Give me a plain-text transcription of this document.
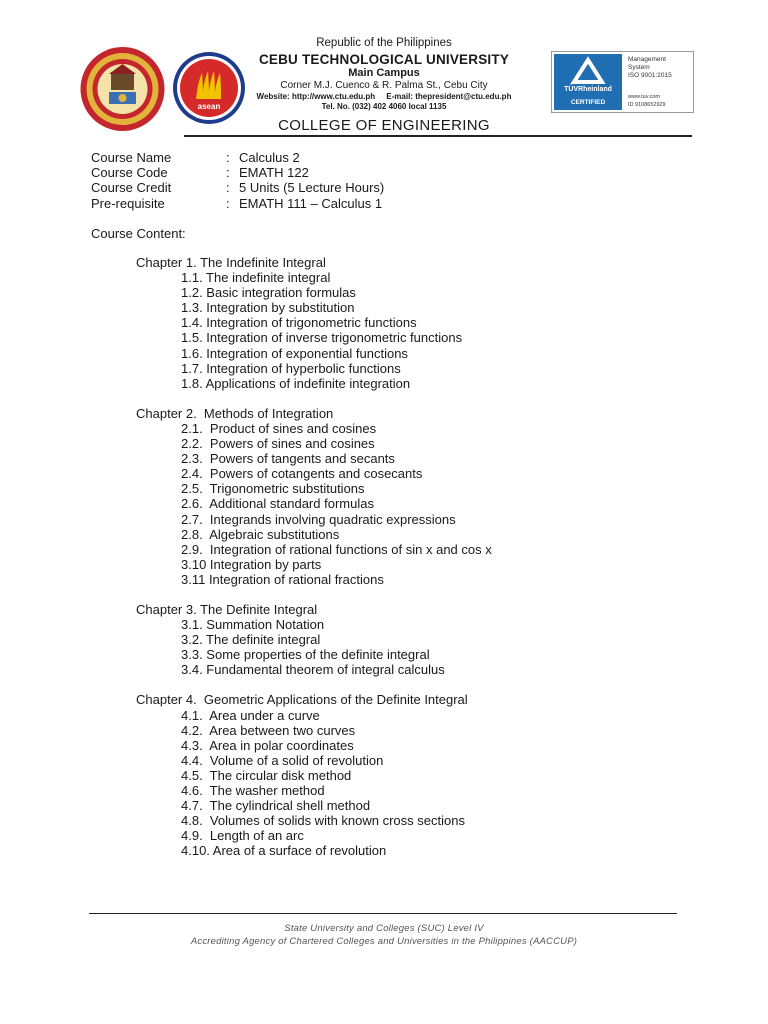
asean
Republic of the Philippines
CEBU TECHNOLOGICAL UNIVERSITY
Main Campus
Corner M.J. Cuenco & R. Palma St., Cebu City
Website: http://www.ctu.edu.ph     E-mail: thepresident@ctu.edu.ph
Tel. No. (032) 402 4060 local 1135
TÜVRheinland
CERTIFIED
Management
System
ISO 9001:2015
www.tuv.com
ID 9108652929
COLLEGE OF ENGINEERING
Course Name	: Calculus 2
Course Code	: EMATH 122
Course Credit	: 5 Units (5 Lecture Hours)
Pre-requisite	: EMATH 111 – Calculus 1
Course Content:
Chapter 1. The Indefinite Integral
1.1. The indefinite integral
1.2. Basic integration formulas
1.3. Integration by substitution
1.4. Integration of trigonometric functions
1.5. Integration of inverse trigonometric functions
1.6. Integration of exponential functions
1.7. Integration of hyperbolic functions
1.8. Applications of indefinite integration
Chapter 2.  Methods of Integration
2.1.  Product of sines and cosines
2.2.  Powers of sines and cosines
2.3.  Powers of tangents and secants
2.4.  Powers of cotangents and cosecants
2.5.  Trigonometric substitutions
2.6.  Additional standard formulas
2.7.  Integrands involving quadratic expressions
2.8.  Algebraic substitutions
2.9.  Integration of rational functions of sin x and cos x
3.10 Integration by parts
3.11 Integration of rational fractions
Chapter 3. The Definite Integral
3.1. Summation Notation
3.2. The definite integral
3.3. Some properties of the definite integral
3.4. Fundamental theorem of integral calculus
Chapter 4.  Geometric Applications of the Definite Integral
4.1.  Area under a curve
4.2.  Area between two curves
4.3.  Area in polar coordinates
4.4.  Volume of a solid of revolution
4.5.  The circular disk method
4.6.  The washer method
4.7.  The cylindrical shell method
4.8.  Volumes of solids with known cross sections
4.9.  Length of an arc
4.10. Area of a surface of revolution
State University and Colleges (SUC) Level IV
Accrediting Agency of Chartered Colleges and Universities in the Philippines (AACCUP)
